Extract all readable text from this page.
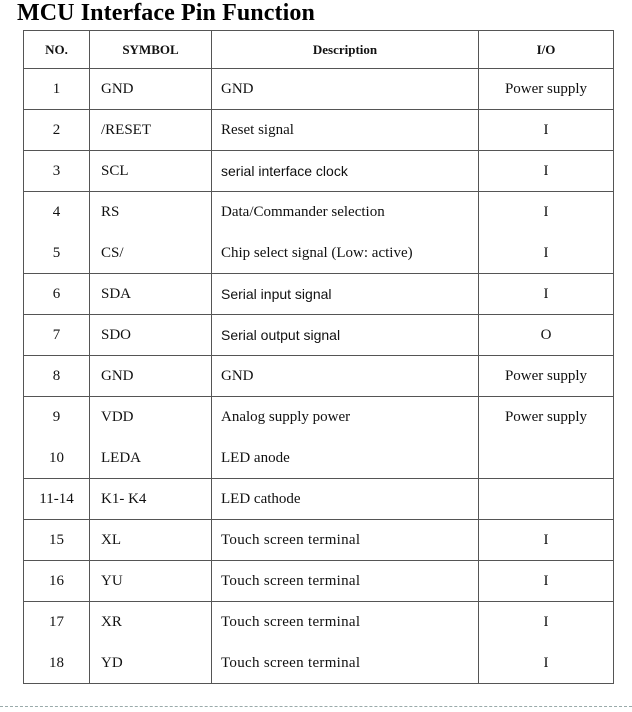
MCU Interface Pin Function
NO.	SYMBOL	Description	I/O
1	GND	GND	Power supply
2	/RESET	Reset signal	I
3	SCL	serial interface clock	I
4	RS	Data/Commander selection	I
5	CS/	Chip select signal (Low: active)	I
6	SDA	Serial input signal	I
7	SDO	Serial output signal	O
8	GND	GND	Power supply
9	VDD	Analog supply power	Power supply
10	LEDA	LED anode	
11-14	K1- K4	LED cathode	
15	XL	Touch screen terminal	I
16	YU	Touch screen terminal	I
17	XR	Touch screen terminal	I
18	YD	Touch screen terminal	I
